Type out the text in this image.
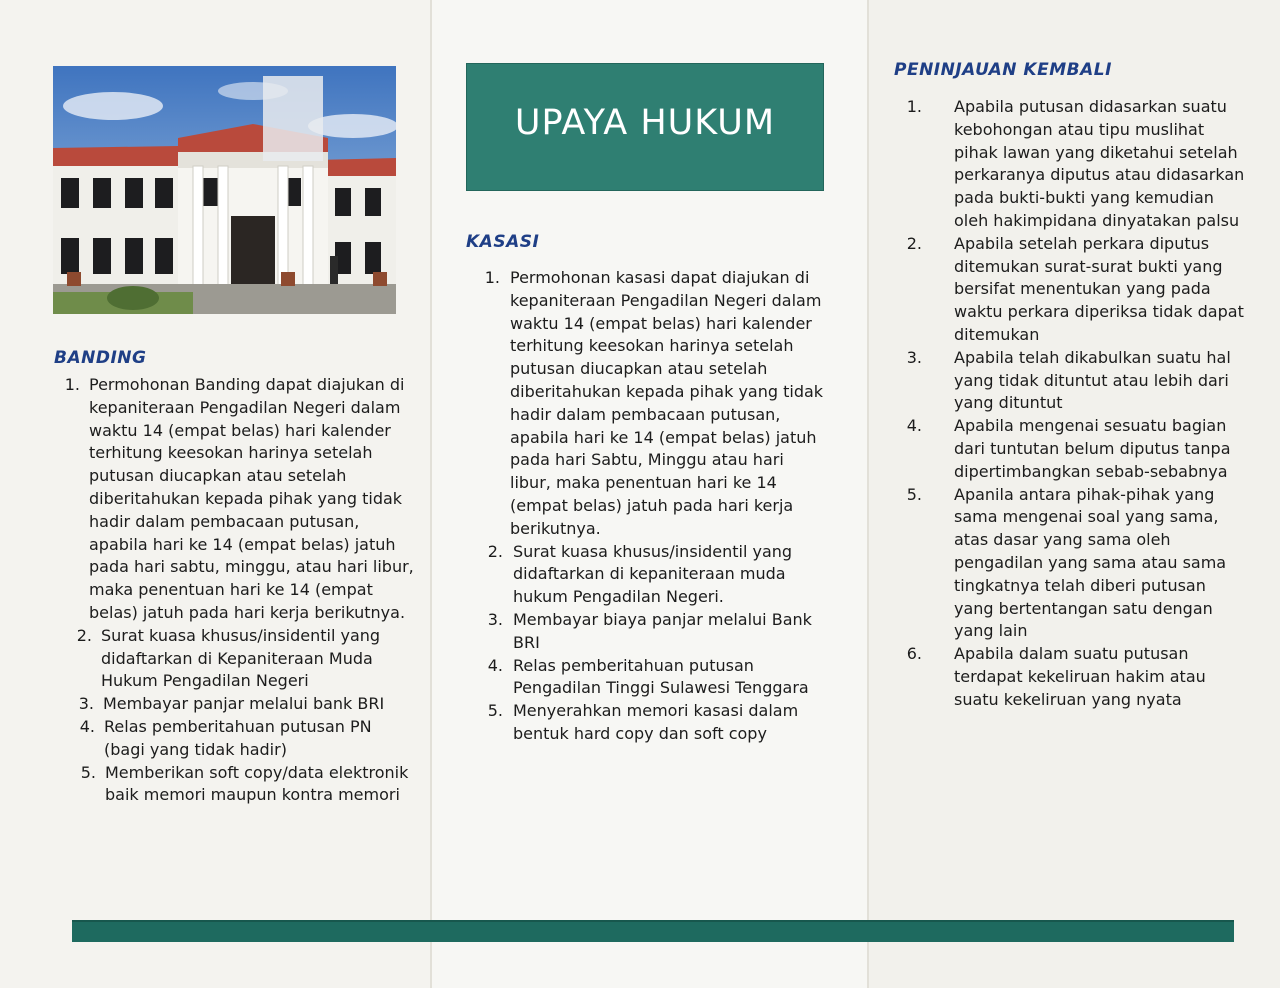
UPAYA HUKUM
BANDING
1. Permohonan Banding dapat diajukan di kepaniteraan Pengadilan Negeri dalam waktu 14 (empat belas) hari kalender terhitung keesokan harinya setelah putusan diucapkan atau setelah diberitahukan kepada pihak yang tidak hadir dalam pembacaan putusan, apabila hari ke 14 (empat belas) jatuh pada hari sabtu, minggu, atau hari libur, maka penentuan hari ke 14 (empat belas) jatuh pada hari kerja berikutnya.
2. Surat kuasa khusus/insidentil yang didaftarkan di Kepaniteraan Muda Hukum Pengadilan Negeri
3. Membayar panjar melalui bank BRI
4. Relas pemberitahuan putusan PN (bagi yang tidak hadir)
5. Memberikan soft copy/data elektronik baik memori maupun kontra memori
KASASI
1. Permohonan kasasi dapat diajukan di kepaniteraan Pengadilan Negeri dalam waktu 14 (empat belas) hari kalender terhitung keesokan harinya setelah putusan diucapkan atau setelah diberitahukan kepada pihak yang tidak hadir dalam pembacaan putusan, apabila hari ke 14 (empat belas) jatuh pada hari Sabtu, Minggu atau hari libur, maka penentuan hari ke 14 (empat belas) jatuh pada hari kerja berikutnya.
2. Surat kuasa khusus/insidentil yang didaftarkan di kepaniteraan muda hukum Pengadilan Negeri.
3. Membayar biaya panjar melalui Bank BRI
4. Relas pemberitahuan putusan Pengadilan Tinggi Sulawesi Tenggara
5. Menyerahkan memori kasasi dalam bentuk hard copy dan soft copy
PENINJAUAN KEMBALI
1. Apabila putusan didasarkan suatu kebohongan atau tipu muslihat pihak lawan yang diketahui setelah perkaranya diputus atau didasarkan pada bukti-bukti yang kemudian oleh hakimpidana dinyatakan palsu
2. Apabila setelah perkara diputus ditemukan surat-surat bukti yang bersifat menentukan yang pada waktu perkara diperiksa tidak dapat ditemukan
3. Apabila telah dikabulkan suatu hal yang tidak dituntut atau lebih dari yang dituntut
4. Apabila mengenai sesuatu bagian dari tuntutan belum diputus tanpa dipertimbangkan sebab-sebabnya
5. Apanila antara pihak-pihak yang sama mengenai soal yang sama, atas dasar yang sama oleh pengadilan yang sama atau sama tingkatnya telah diberi putusan yang bertentangan satu dengan yang lain
6. Apabila dalam suatu putusan terdapat kekeliruan hakim atau suatu kekeliruan yang nyata
